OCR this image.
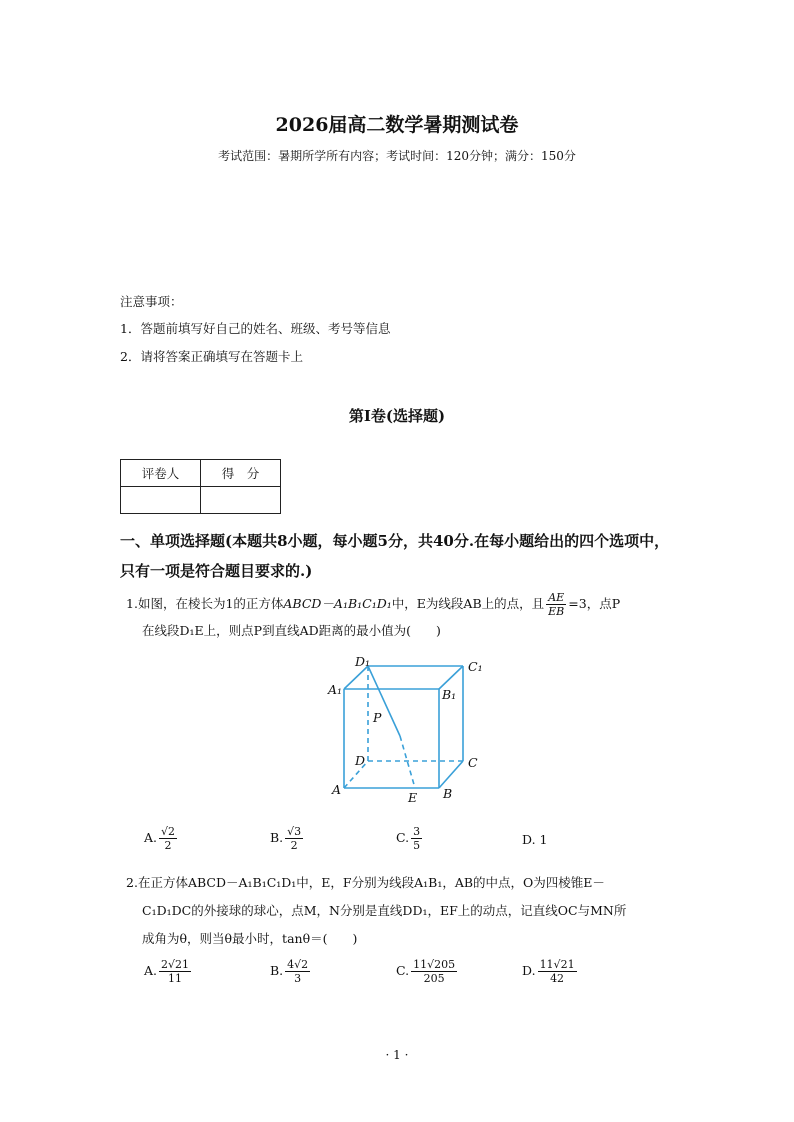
2026届高二数学暑期测试卷
考试范围：暑期所学所有内容；考试时间：120分钟；满分：150分
注意事项：
1．答题前填写好自己的姓名、班级、考号等信息
2．请将答案正确填写在答题卡上
第Ⅰ卷(选择题)
评卷人	得　分

一、单项选择题(本题共8小题，每小题5分，共40分.在每小题给出的四个选项中，只有一项是符合题目要求的.)
1.如图，在棱长为1的正方体ABCD－A₁B₁C₁D₁中，E为线段AB上的点，且 $\frac{AE}{EB} =3$，点P
在线段D₁E上，则点P到直线AD距离的最小值为(　　)
D₁	C₁
A₁	B₁
P
D	C
A
E B
A. $\frac{√2}{2}$	B. $\frac{√3}{2}$	C. $\frac{3}{5}$	D. 1
2.在正方体ABCD－A₁B₁C₁D₁中，E，F分别为线段A₁B₁，AB的中点，O为四棱锥E－
C₁D₁DC的外接球的球心，点M，N分别是直线DD₁，EF上的动点，记直线OC与MN所
成角为θ，则当θ最小时，tanθ＝(　　)
A. $\frac{2√21}{11}$	B. $\frac{4√2}{3}$	C. $\frac{11√205}{205}$	D. $\frac{11√21}{42}$
· 1 ·
